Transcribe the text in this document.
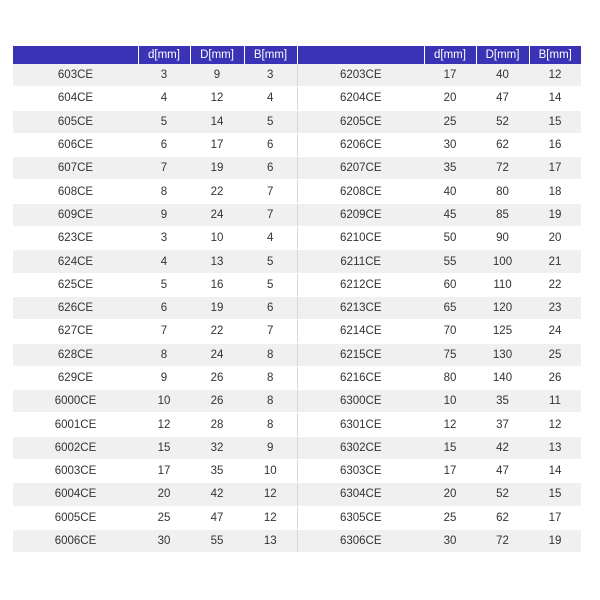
	d[mm]	D[mm]	B[mm]		d[mm]	D[mm]	B[mm]
603CE	3	9	3	6203CE	17	40	12
604CE	4	12	4	6204CE	20	47	14
605CE	5	14	5	6205CE	25	52	15
606CE	6	17	6	6206CE	30	62	16
607CE	7	19	6	6207CE	35	72	17
608CE	8	22	7	6208CE	40	80	18
609CE	9	24	7	6209CE	45	85	19
623CE	3	10	4	6210CE	50	90	20
624CE	4	13	5	6211CE	55	100	21
625CE	5	16	5	6212CE	60	110	22
626CE	6	19	6	6213CE	65	120	23
627CE	7	22	7	6214CE	70	125	24
628CE	8	24	8	6215CE	75	130	25
629CE	9	26	8	6216CE	80	140	26
6000CE	10	26	8	6300CE	10	35	11
6001CE	12	28	8	6301CE	12	37	12
6002CE	15	32	9	6302CE	15	42	13
6003CE	17	35	10	6303CE	17	47	14
6004CE	20	42	12	6304CE	20	52	15
6005CE	25	47	12	6305CE	25	62	17
6006CE	30	55	13	6306CE	30	72	19
